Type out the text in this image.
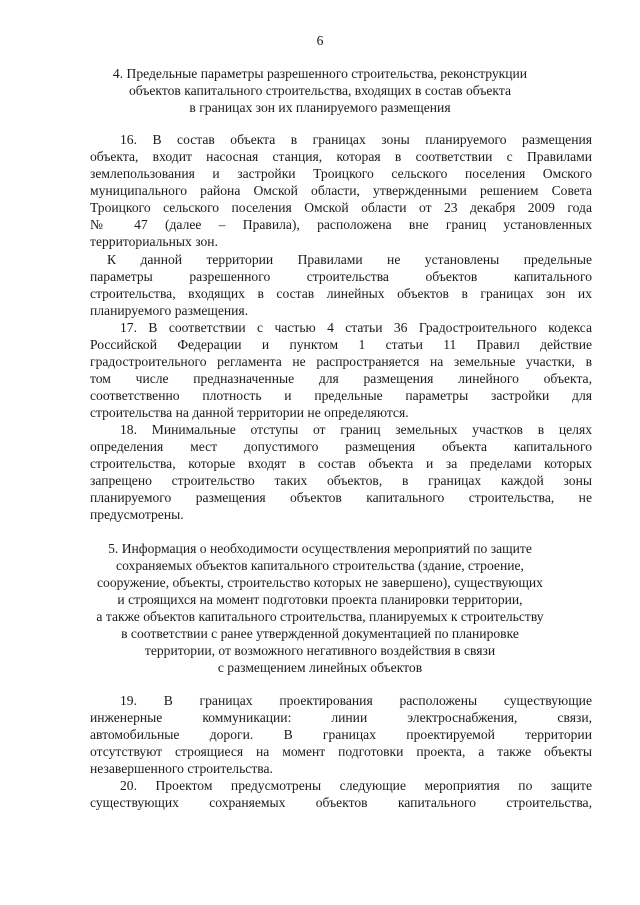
6
4. Предельные параметры разрешенного строительства, реконструкции
объектов капитального строительства, входящих в состав объекта
в границах зон их планируемого размещения
16. В состав объекта в границах зоны планируемого размещения
объекта, входит насосная станция, которая в соответствии с Правилами
землепользования и застройки Троицкого сельского поселения Омского
муниципального района Омской области, утвержденными решением Совета
Троицкого сельского поселения Омской области от 23 декабря 2009 года
№ 47 (далее – Правила), расположена вне границ установленных
территориальных зон.
К данной территории Правилами не установлены предельные
параметры разрешенного строительства объектов капитального
строительства, входящих в состав линейных объектов в границах зон их
планируемого размещения.
17. В соответствии с частью 4 статьи 36 Градостроительного кодекса
Российской Федерации и пунктом 1 статьи 11 Правил действие
градостроительного регламента не распространяется на земельные участки, в
том числе предназначенные для размещения линейного объекта,
соответственно плотность и предельные параметры застройки для
строительства на данной территории не определяются.
18. Минимальные отступы от границ земельных участков в целях
определения мест допустимого размещения объекта капитального
строительства, которые входят в состав объекта и за пределами которых
запрещено строительство таких объектов, в границах каждой зоны
планируемого размещения объектов капитального строительства, не
предусмотрены.
5. Информация о необходимости осуществления мероприятий по защите
сохраняемых объектов капитального строительства (здание, строение,
сооружение, объекты, строительство которых не завершено), существующих
и строящихся на момент подготовки проекта планировки территории,
а также объектов капитального строительства, планируемых к строительству
в соответствии с ранее утвержденной документацией по планировке
территории, от возможного негативного воздействия в связи
с размещением линейных объектов
19. В границах проектирования расположены существующие
инженерные коммуникации: линии электроснабжения, связи,
автомобильные дороги. В границах проектируемой территории
отсутствуют строящиеся на момент подготовки проекта, а также объекты
незавершенного строительства.
20. Проектом предусмотрены следующие мероприятия по защите
существующих сохраняемых объектов капитального строительства,
